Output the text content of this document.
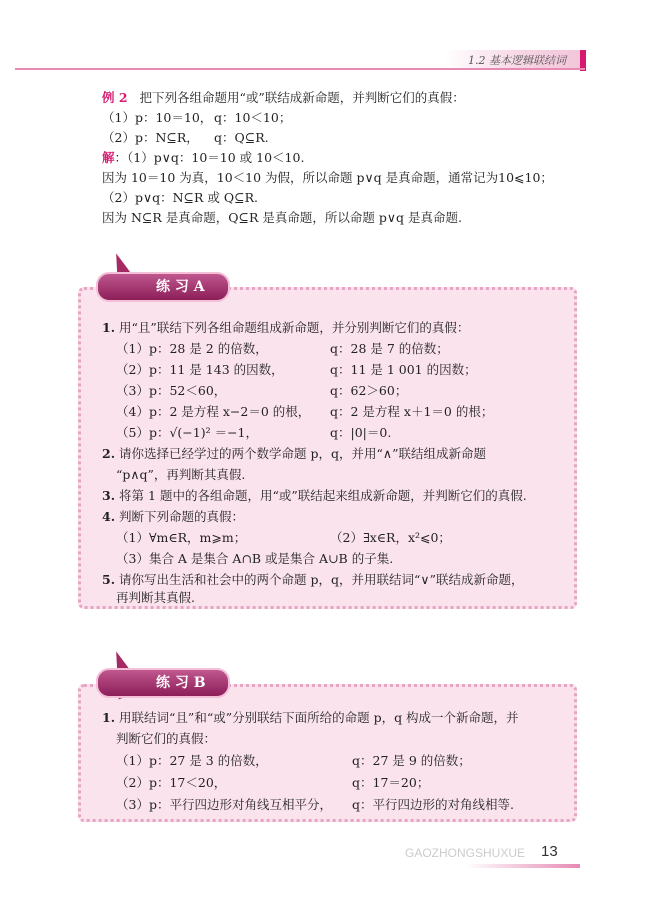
1.2 基本逻辑联结词
例 2 把下列各组命题用“或”联结成新命题，并判断它们的真假：
（1）p：10＝10， q：10＜10；
（2）p：N⊆R， q：Q⊆R.
解：（1）p∨q：10＝10 或 10＜10.
因为 10＝10 为真，10＜10 为假，所以命题 p∨q 是真命题，通常记为10⩽10；
（2）p∨q：N⊆R 或 Q⊆R.
因为 N⊆R 是真命题，Q⊆R 是真命题，所以命题 p∨q 是真命题.
练 习 A
1. 用“且”联结下列各组命题组成新命题，并分别判断它们的真假：
（1）p：28 是 2 的倍数，	q：28 是 7 的倍数；
（2）p：11 是 143 的因数，	q：11 是 1 001 的因数；
（3）p：52＜60，	q：62＞60；
（4）p：2 是方程 x−2＝0 的根， q：2 是方程 x＋1＝0 的根；
（5）p：√(−1)² ＝−1，	q：|0|＝0.
2. 请你选择已经学过的两个数学命题 p，q，并用“∧”联结组成新命题
“p∧q”，再判断其真假.
3. 将第 1 题中的各组命题，用“或”联结起来组成新命题，并判断它们的真假.
4. 判断下列命题的真假：
（1）∀m∈R，m⩾m；	（2）∃x∈R，x²⩽0；
（3）集合 A 是集合 A∩B 或是集合 A∪B 的子集.
5. 请你写出生活和社会中的两个命题 p，q，并用联结词“∨”联结成新命题，
再判断其真假.
练 习 B
1. 用联结词“且”和“或”分别联结下面所给的命题 p，q 构成一个新命题，并
判断它们的真假：
（1）p：27 是 3 的倍数，	q：27 是 9 的倍数；
（2）p：17＜20，	q：17＝20；
（3）p：平行四边形对角线互相平分， q：平行四边形的对角线相等.
GAOZHONGSHUXUE 13
